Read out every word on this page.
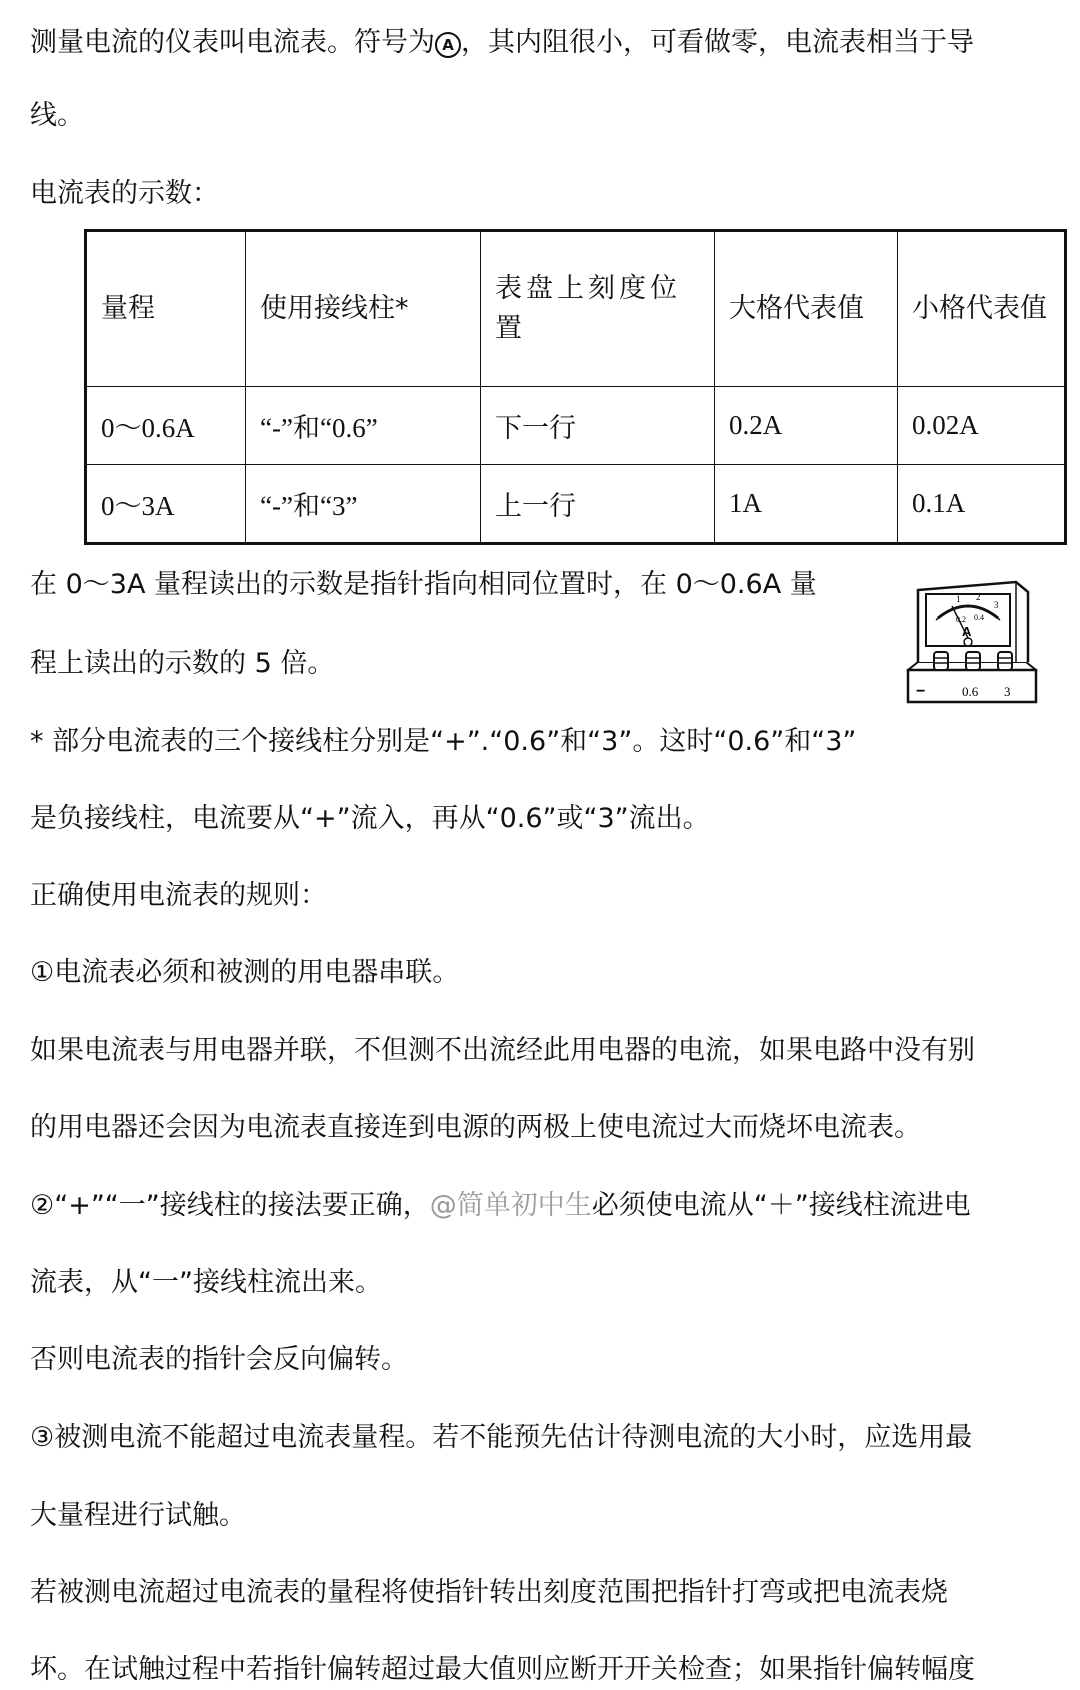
测量电流的仪表叫电流表。符号为 A ，其内阻很小，可看做零，电流表相当于导
线。
电流表的示数：
量程	使用接线柱*	表盘上刻度位置	大格代表值	小格代表值
0～0.6A	“-”和“0.6”	下一行	0.2A	0.02A
0～3A	“-”和“3”	上一行	1A	0.1A
在 0～3A 量程读出的示数是指针指向相同位置时，在 0～0.6A 量
程上读出的示数的 5 倍。
* 部分电流表的三个接线柱分别是“+”.“0.6”和“3”。这时“0.6”和“3”
是负接线柱，电流要从“+”流入，再从“0.6”或“3”流出。
正确使用电流表的规则：
①电流表必须和被测的用电器串联。
如果电流表与用电器并联，不但测不出流经此用电器的电流，如果电路中没有别
的用电器还会因为电流表直接连到电源的两极上使电流过大而烧坏电流表。
②“+”“一”接线柱的接法要正确，@简单初中生必须使电流从“＋”接线柱流进电
流表，从“一”接线柱流出来。
否则电流表的指针会反向偏转。
③被测电流不能超过电流表量程。若不能预先估计待测电流的大小时，应选用最
大量程进行试触。
若被测电流超过电流表的量程将使指针转出刻度范围把指针打弯或把电流表烧
坏。在试触过程中若指针偏转超过最大值则应断开开关检查；如果指针偏转幅度
1 2
3
0.2 0.4
A
−	0.6 3
